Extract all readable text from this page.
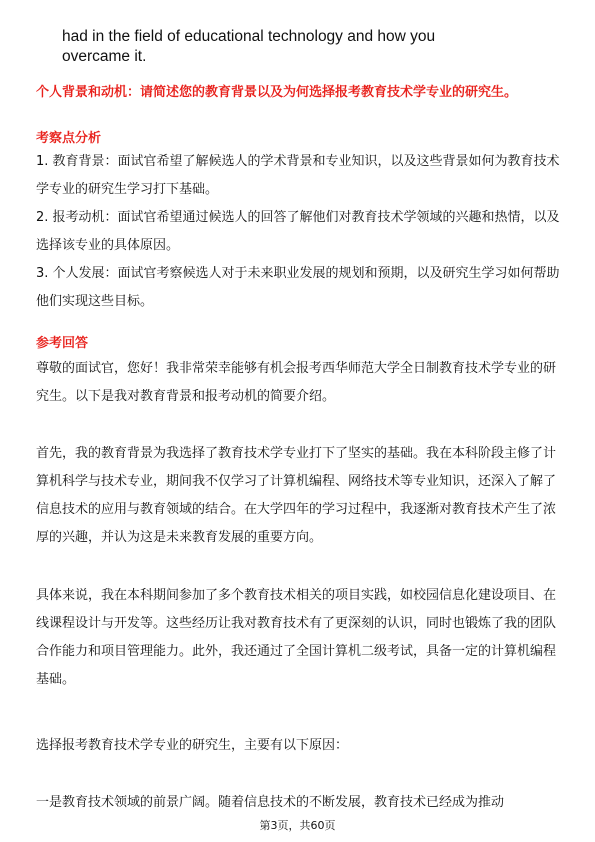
had in the field of educational technology and how you
overcame it.
个人背景和动机：请简述您的教育背景以及为何选择报考教育技术学专业的研究生。
考察点分析
1. 教育背景：面试官希望了解候选人的学术背景和专业知识，以及这些背景如何为教育技术学专业的研究生学习打下基础。
2. 报考动机：面试官希望通过候选人的回答了解他们对教育技术学领域的兴趣和热情，以及选择该专业的具体原因。
3. 个人发展：面试官考察候选人对于未来职业发展的规划和预期，以及研究生学习如何帮助他们实现这些目标。
参考回答
尊敬的面试官，您好！我非常荣幸能够有机会报考西华师范大学全日制教育技术学专业的研究生。以下是我对教育背景和报考动机的简要介绍。
首先，我的教育背景为我选择了教育技术学专业打下了坚实的基础。我在本科阶段主修了计算机科学与技术专业，期间我不仅学习了计算机编程、网络技术等专业知识，还深入了解了信息技术的应用与教育领域的结合。在大学四年的学习过程中，我逐渐对教育技术产生了浓厚的兴趣，并认为这是未来教育发展的重要方向。
具体来说，我在本科期间参加了多个教育技术相关的项目实践，如校园信息化建设项目、在线课程设计与开发等。这些经历让我对教育技术有了更深刻的认识，同时也锻炼了我的团队合作能力和项目管理能力。此外，我还通过了全国计算机二级考试，具备一定的计算机编程基础。
选择报考教育技术学专业的研究生，主要有以下原因：
一是教育技术领域的前景广阔。随着信息技术的不断发展，教育技术已经成为推动
第3页，共60页
